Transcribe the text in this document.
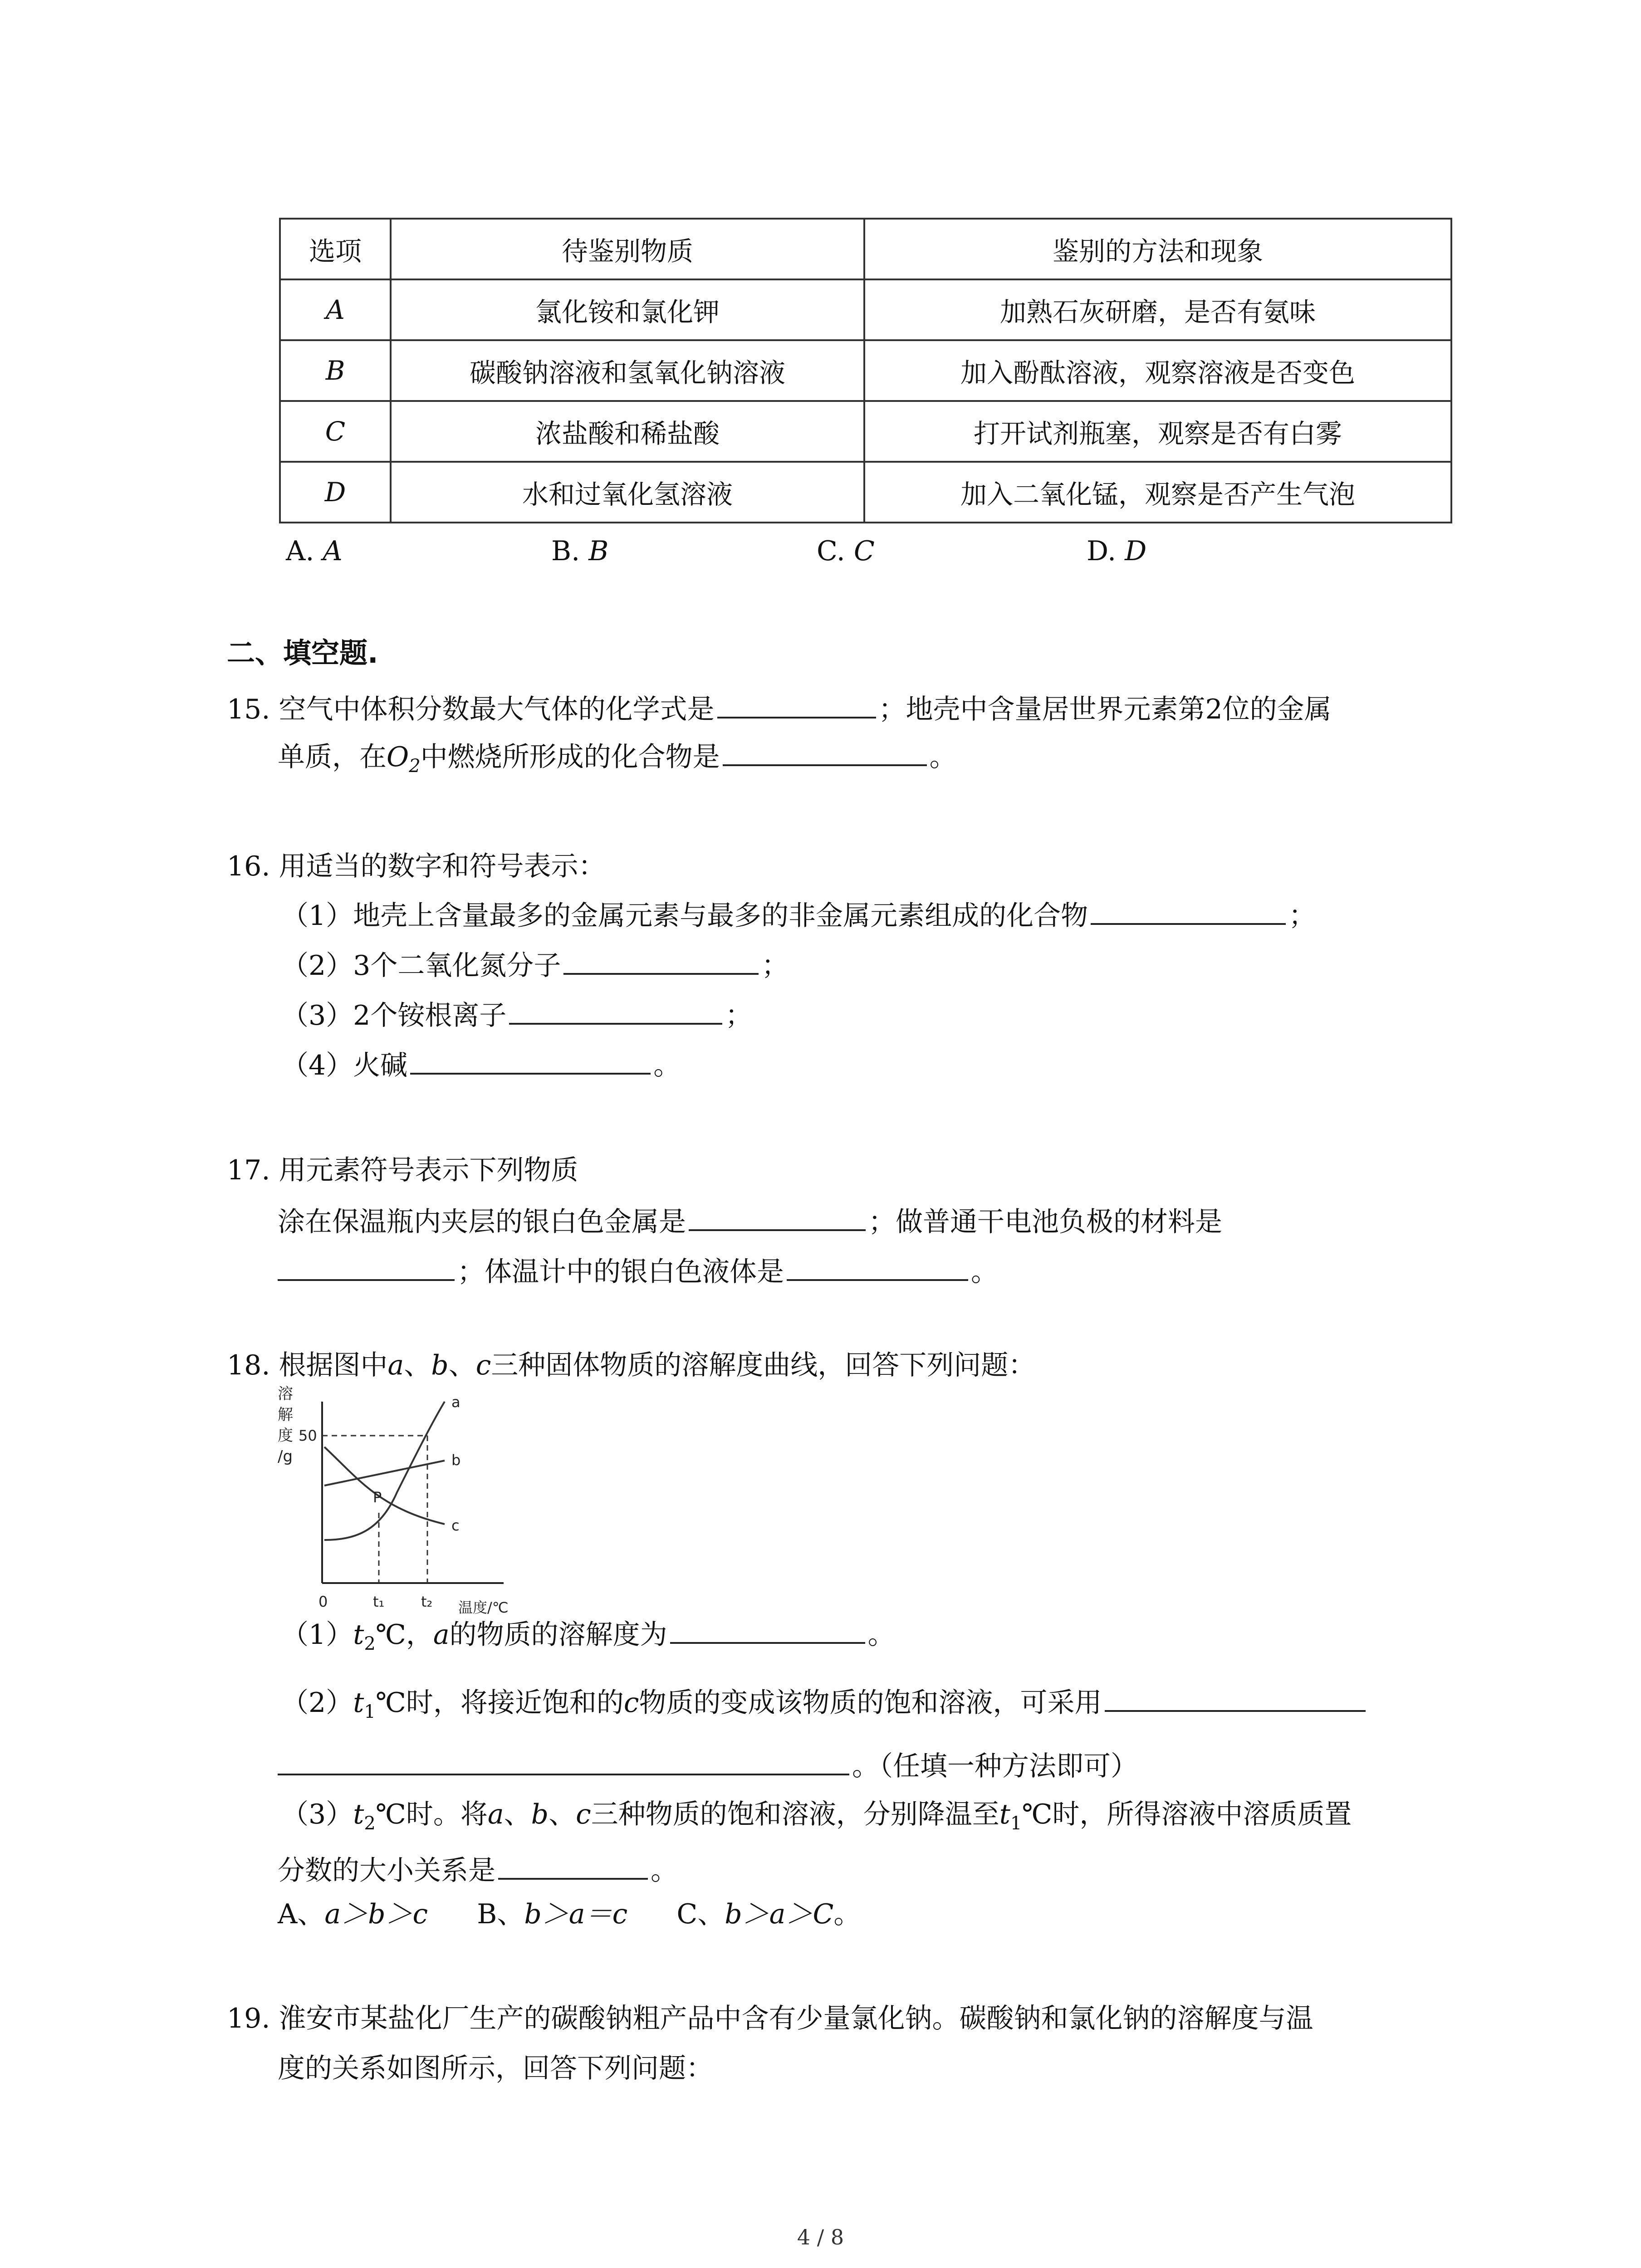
选项	待鉴别物质	鉴别的方法和现象
A	氯化铵和氯化钾	加熟石灰研磨，是否有氨味
B	碳酸钠溶液和氢氧化钠溶液	加入酚酞溶液，观察溶液是否变色
C	浓盐酸和稀盐酸	打开试剂瓶塞，观察是否有白雾
D	水和过氧化氢溶液	加入二氧化锰，观察是否产生气泡
A. A	B. B	C. C	D. D
二、填空题.
15. 空气中体积分数最大气体的化学式是	；地壳中含量居世界元素第2位的金属
单质，在$O_2$中燃烧所形成的化合物是	。
16. 用适当的数字和符号表示：
（1）地壳上含量最多的金属元素与最多的非金属元素组成的化合物	；
（2）3个二氧化氮分子	；
（3）2个铵根离子	；
（4）火碱	。
17. 用元素符号表示下列物质
涂在保温瓶内夹层的银白色金属是	；做普通干电池负极的材料是
；体温计中的银白色液体是	。
18. 根据图中a、b、c三种固体物质的溶解度曲线，回答下列问题：
溶
解
度
/g
50
a
b
c
P
0	t₁	t₂ 温度/℃
$(1)t_2℃$，a的物质的溶解度为	。
$(2)t_1℃$时，将接近饱和的c物质的变成该物质的饱和溶液，可采用
。（任填一种方法即可）
$(3)t_2℃$时。将a、b、c三种物质的饱和溶液，分别降温至$t_1℃$时，所得溶液中溶质质置
分数的大小关系是	。
A、a＞b＞c B、b＞a＝c C、b＞a＞C。
19. 淮安市某盐化厂生产的碳酸钠粗产品中含有少量氯化钠。碳酸钠和氯化钠的溶解度与温
度的关系如图所示，回答下列问题：
4 / 8
